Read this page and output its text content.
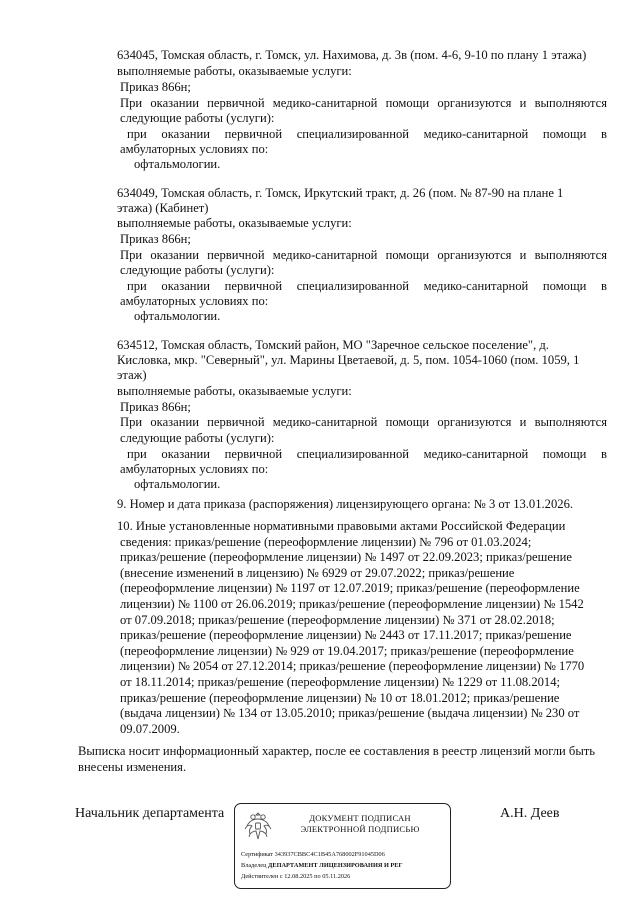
634045, Томская область, г. Томск, ул. Нахимова, д. 3в (пом. 4-6, 9-10 по плану 1 этажа)
выполняемые работы, оказываемые услуги:
Приказ 866н;
При оказании первичной медико-санитарной помощи организуются и выполняются
следующие работы (услуги):
при оказании первичной специализированной медико-санитарной помощи в
амбулаторных условиях по:
офтальмологии.
634049, Томская область, г. Томск, Иркутский тракт, д. 26 (пом. № 87-90 на плане 1
этажа) (Кабинет)
выполняемые работы, оказываемые услуги:
Приказ 866н;
При оказании первичной медико-санитарной помощи организуются и выполняются
следующие работы (услуги):
при оказании первичной специализированной медико-санитарной помощи в
амбулаторных условиях по:
офтальмологии.
634512, Томская область, Томский район, МО "Заречное сельское поселение", д.
Кисловка, мкр. "Северный", ул. Марины Цветаевой, д. 5, пом. 1054-1060 (пом. 1059, 1
этаж)
выполняемые работы, оказываемые услуги:
Приказ 866н;
При оказании первичной медико-санитарной помощи организуются и выполняются
следующие работы (услуги):
при оказании первичной специализированной медико-санитарной помощи в
амбулаторных условиях по:
офтальмологии.
9. Номер и дата приказа (распоряжения) лицензирующего органа: № 3 от 13.01.2026.
10. Иные установленные нормативными правовыми актами Российской Федерации
сведения: приказ/решение (переоформление лицензии) № 796 от 01.03.2024;
приказ/решение (переоформление лицензии) № 1497 от 22.09.2023; приказ/решение
(внесение изменений в лицензию) № 6929 от 29.07.2022; приказ/решение
(переоформление лицензии) № 1197 от 12.07.2019; приказ/решение (переоформление
лицензии) № 1100 от 26.06.2019; приказ/решение (переоформление лицензии) № 1542
от 07.09.2018; приказ/решение (переоформление лицензии) № 371 от 28.02.2018;
приказ/решение (переоформление лицензии) № 2443 от 17.11.2017; приказ/решение
(переоформление лицензии) № 929 от 19.04.2017; приказ/решение (переоформление
лицензии) № 2054 от 27.12.2014; приказ/решение (переоформление лицензии) № 1770
от 18.11.2014; приказ/решение (переоформление лицензии) № 1229 от 11.08.2014;
приказ/решение (переоформление лицензии) № 10 от 18.01.2012; приказ/решение
(выдача лицензии) № 134 от 13.05.2010; приказ/решение (выдача лицензии) № 230 от
09.07.2009.
Выписка носит информационный характер, после ее составления в реестр лицензий могли быть
внесены изменения.
Начальник департамента	А.Н. Деев
ДОКУМЕНТ ПОДПИСАН
ЭЛЕКТРОННОЙ ПОДПИСЬЮ
Сертификат 343937CBBC4C1B45A768002F91045D06
Владелец ДЕПАРТАМЕНТ ЛИЦЕНЗИРОВАНИЯ И РЕГ
Действителен с 12.08.2025 по 05.11.2026
